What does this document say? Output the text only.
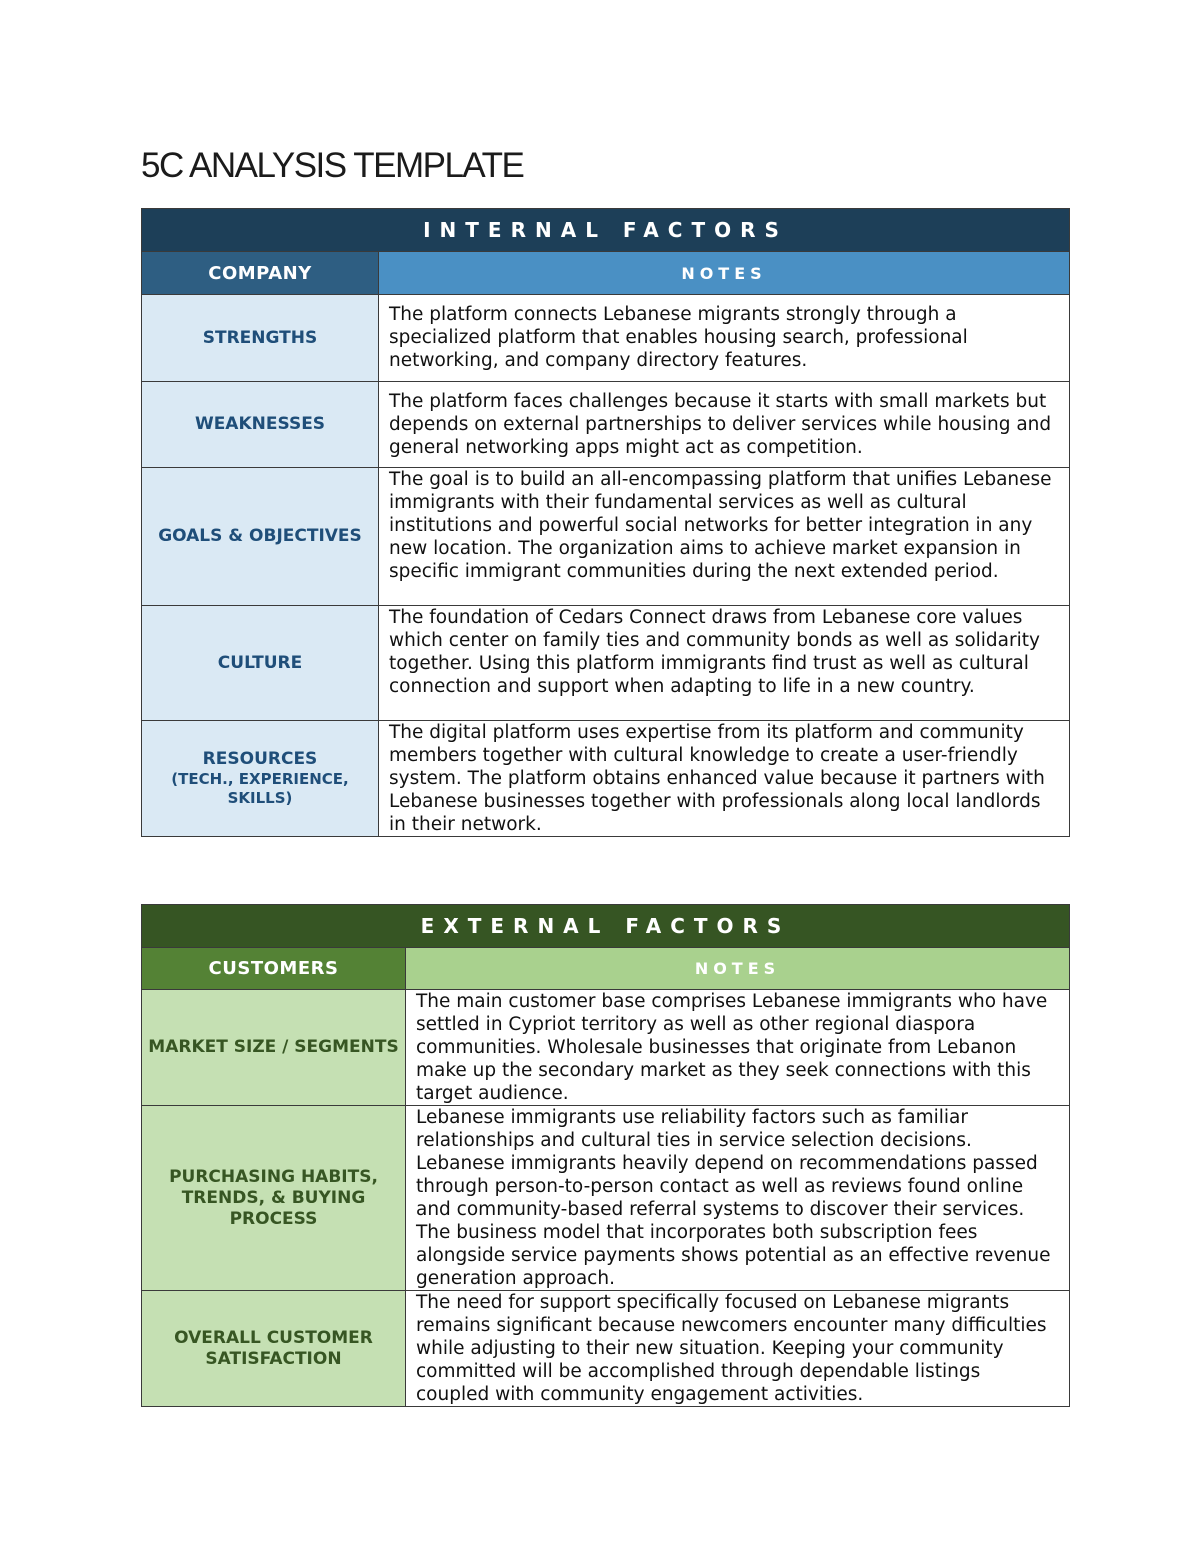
5C ANALYSIS TEMPLATE
INTERNAL FACTORS	
COMPANY	NOTES
STRENGTHS	The platform connects Lebanese migrants strongly through a specialized platform that enables housing search, professional networking, and company directory features.
WEAKNESSES	The platform faces challenges because it starts with small markets but depends on external partnerships to deliver services while housing and general networking apps might act as competition.
GOALS & OBJECTIVES	The goal is to build an all-encompassing platform that unifies Lebanese immigrants with their fundamental services as well as cultural institutions and powerful social networks for better integration in any new location. The organization aims to achieve market expansion in specific immigrant communities during the next extended period.
CULTURE	The foundation of Cedars Connect draws from Lebanese core values which center on family ties and community bonds as well as solidarity together. Using this platform immigrants find trust as well as cultural connection and support when adapting to life in a new country.
RESOURCES
(TECH., EXPERIENCE, SKILLS)	The digital platform uses expertise from its platform and community members together with cultural knowledge to create a user-friendly system. The platform obtains enhanced value because it partners with Lebanese businesses together with professionals along local landlords in their network.
EXTERNAL FACTORS	
CUSTOMERS	NOTES
MARKET SIZE / SEGMENTS	The main customer base comprises Lebanese immigrants who have settled in Cypriot territory as well as other regional diaspora communities. Wholesale businesses that originate from Lebanon make up the secondary market as they seek connections with this target audience.
PURCHASING HABITS, TRENDS, & BUYING PROCESS	Lebanese immigrants use reliability factors such as familiar relationships and cultural ties in service selection decisions. Lebanese immigrants heavily depend on recommendations passed through person-to-person contact as well as reviews found online and community-based referral systems to discover their services. The business model that incorporates both subscription fees alongside service payments shows potential as an effective revenue generation approach.
OVERALL CUSTOMER SATISFACTION	The need for support specifically focused on Lebanese migrants remains significant because newcomers encounter many difficulties while adjusting to their new situation. Keeping your community committed will be accomplished through dependable listings coupled with community engagement activities.
